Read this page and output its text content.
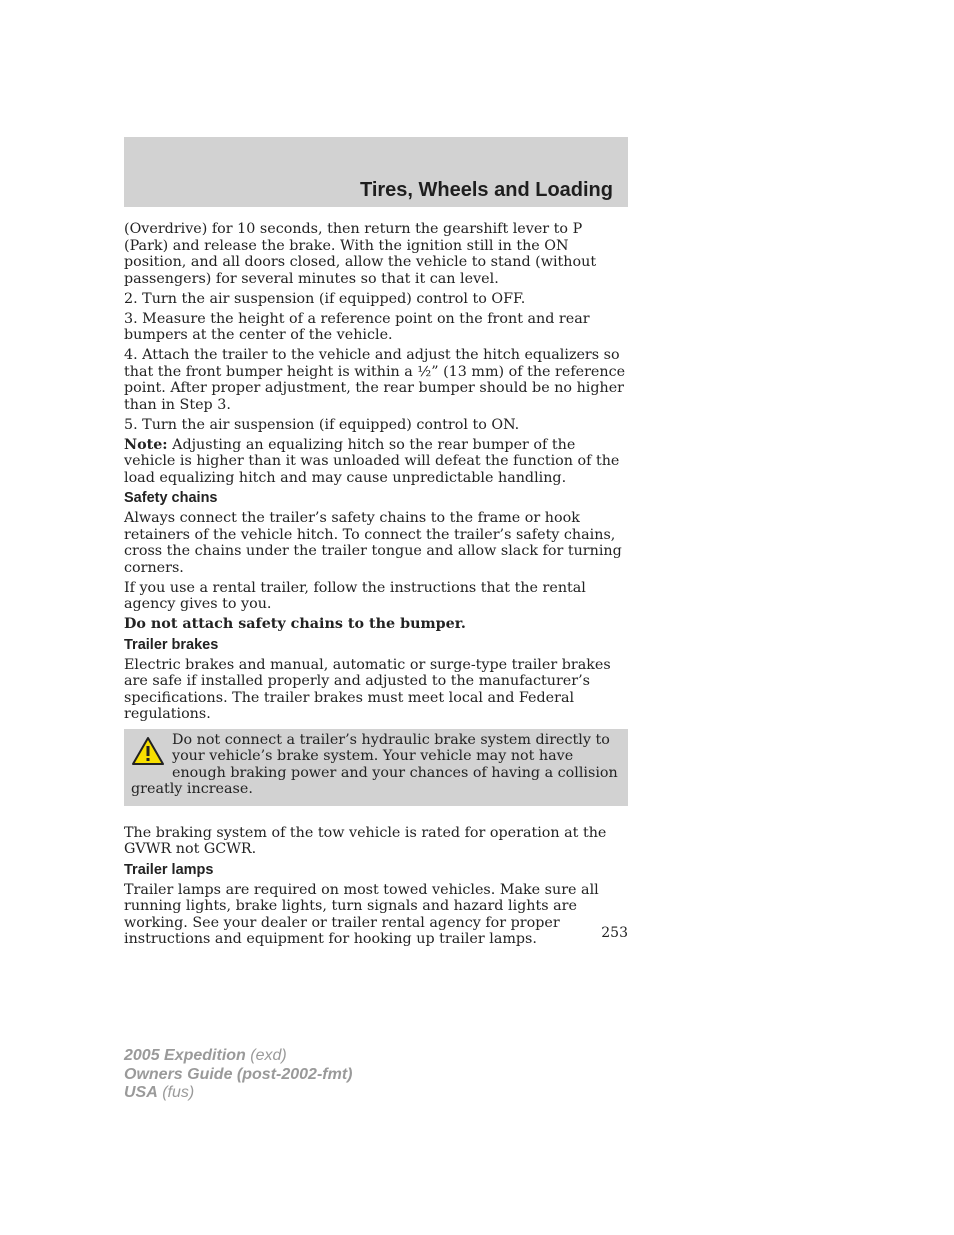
Tires, Wheels and Loading

(Overdrive) for 10 seconds, then return the gearshift lever to P (Park) and release the brake. With the ignition still in the ON position, and all doors closed, allow the vehicle to stand (without passengers) for several minutes so that it can level.

2. Turn the air suspension (if equipped) control to OFF.

3. Measure the height of a reference point on the front and rear bumpers at the center of the vehicle.

4. Attach the trailer to the vehicle and adjust the hitch equalizers so that the front bumper height is within a ½” (13 mm) of the reference point. After proper adjustment, the rear bumper should be no higher than in Step 3.

5. Turn the air suspension (if equipped) control to ON.

Note: Adjusting an equalizing hitch so the rear bumper of the vehicle is higher than it was unloaded will defeat the function of the load equalizing hitch and may cause unpredictable handling.

Safety chains

Always connect the trailer’s safety chains to the frame or hook retainers of the vehicle hitch. To connect the trailer’s safety chains, cross the chains under the trailer tongue and allow slack for turning corners.

If you use a rental trailer, follow the instructions that the rental agency gives to you.

Do not attach safety chains to the bumper.

Trailer brakes

Electric brakes and manual, automatic or surge-type trailer brakes are safe if installed properly and adjusted to the manufacturer’s specifications. The trailer brakes must meet local and Federal regulations.

Do not connect a trailer’s hydraulic brake system directly to your vehicle’s brake system. Your vehicle may not have enough braking power and your chances of having a collision greatly increase.

The braking system of the tow vehicle is rated for operation at the GVWR not GCWR.

Trailer lamps

Trailer lamps are required on most towed vehicles. Make sure all running lights, brake lights, turn signals and hazard lights are working. See your dealer or trailer rental agency for proper instructions and equipment for hooking up trailer lamps.	253
2005 Expedition (exd)
Owners Guide (post-2002-fmt)
USA (fus)
